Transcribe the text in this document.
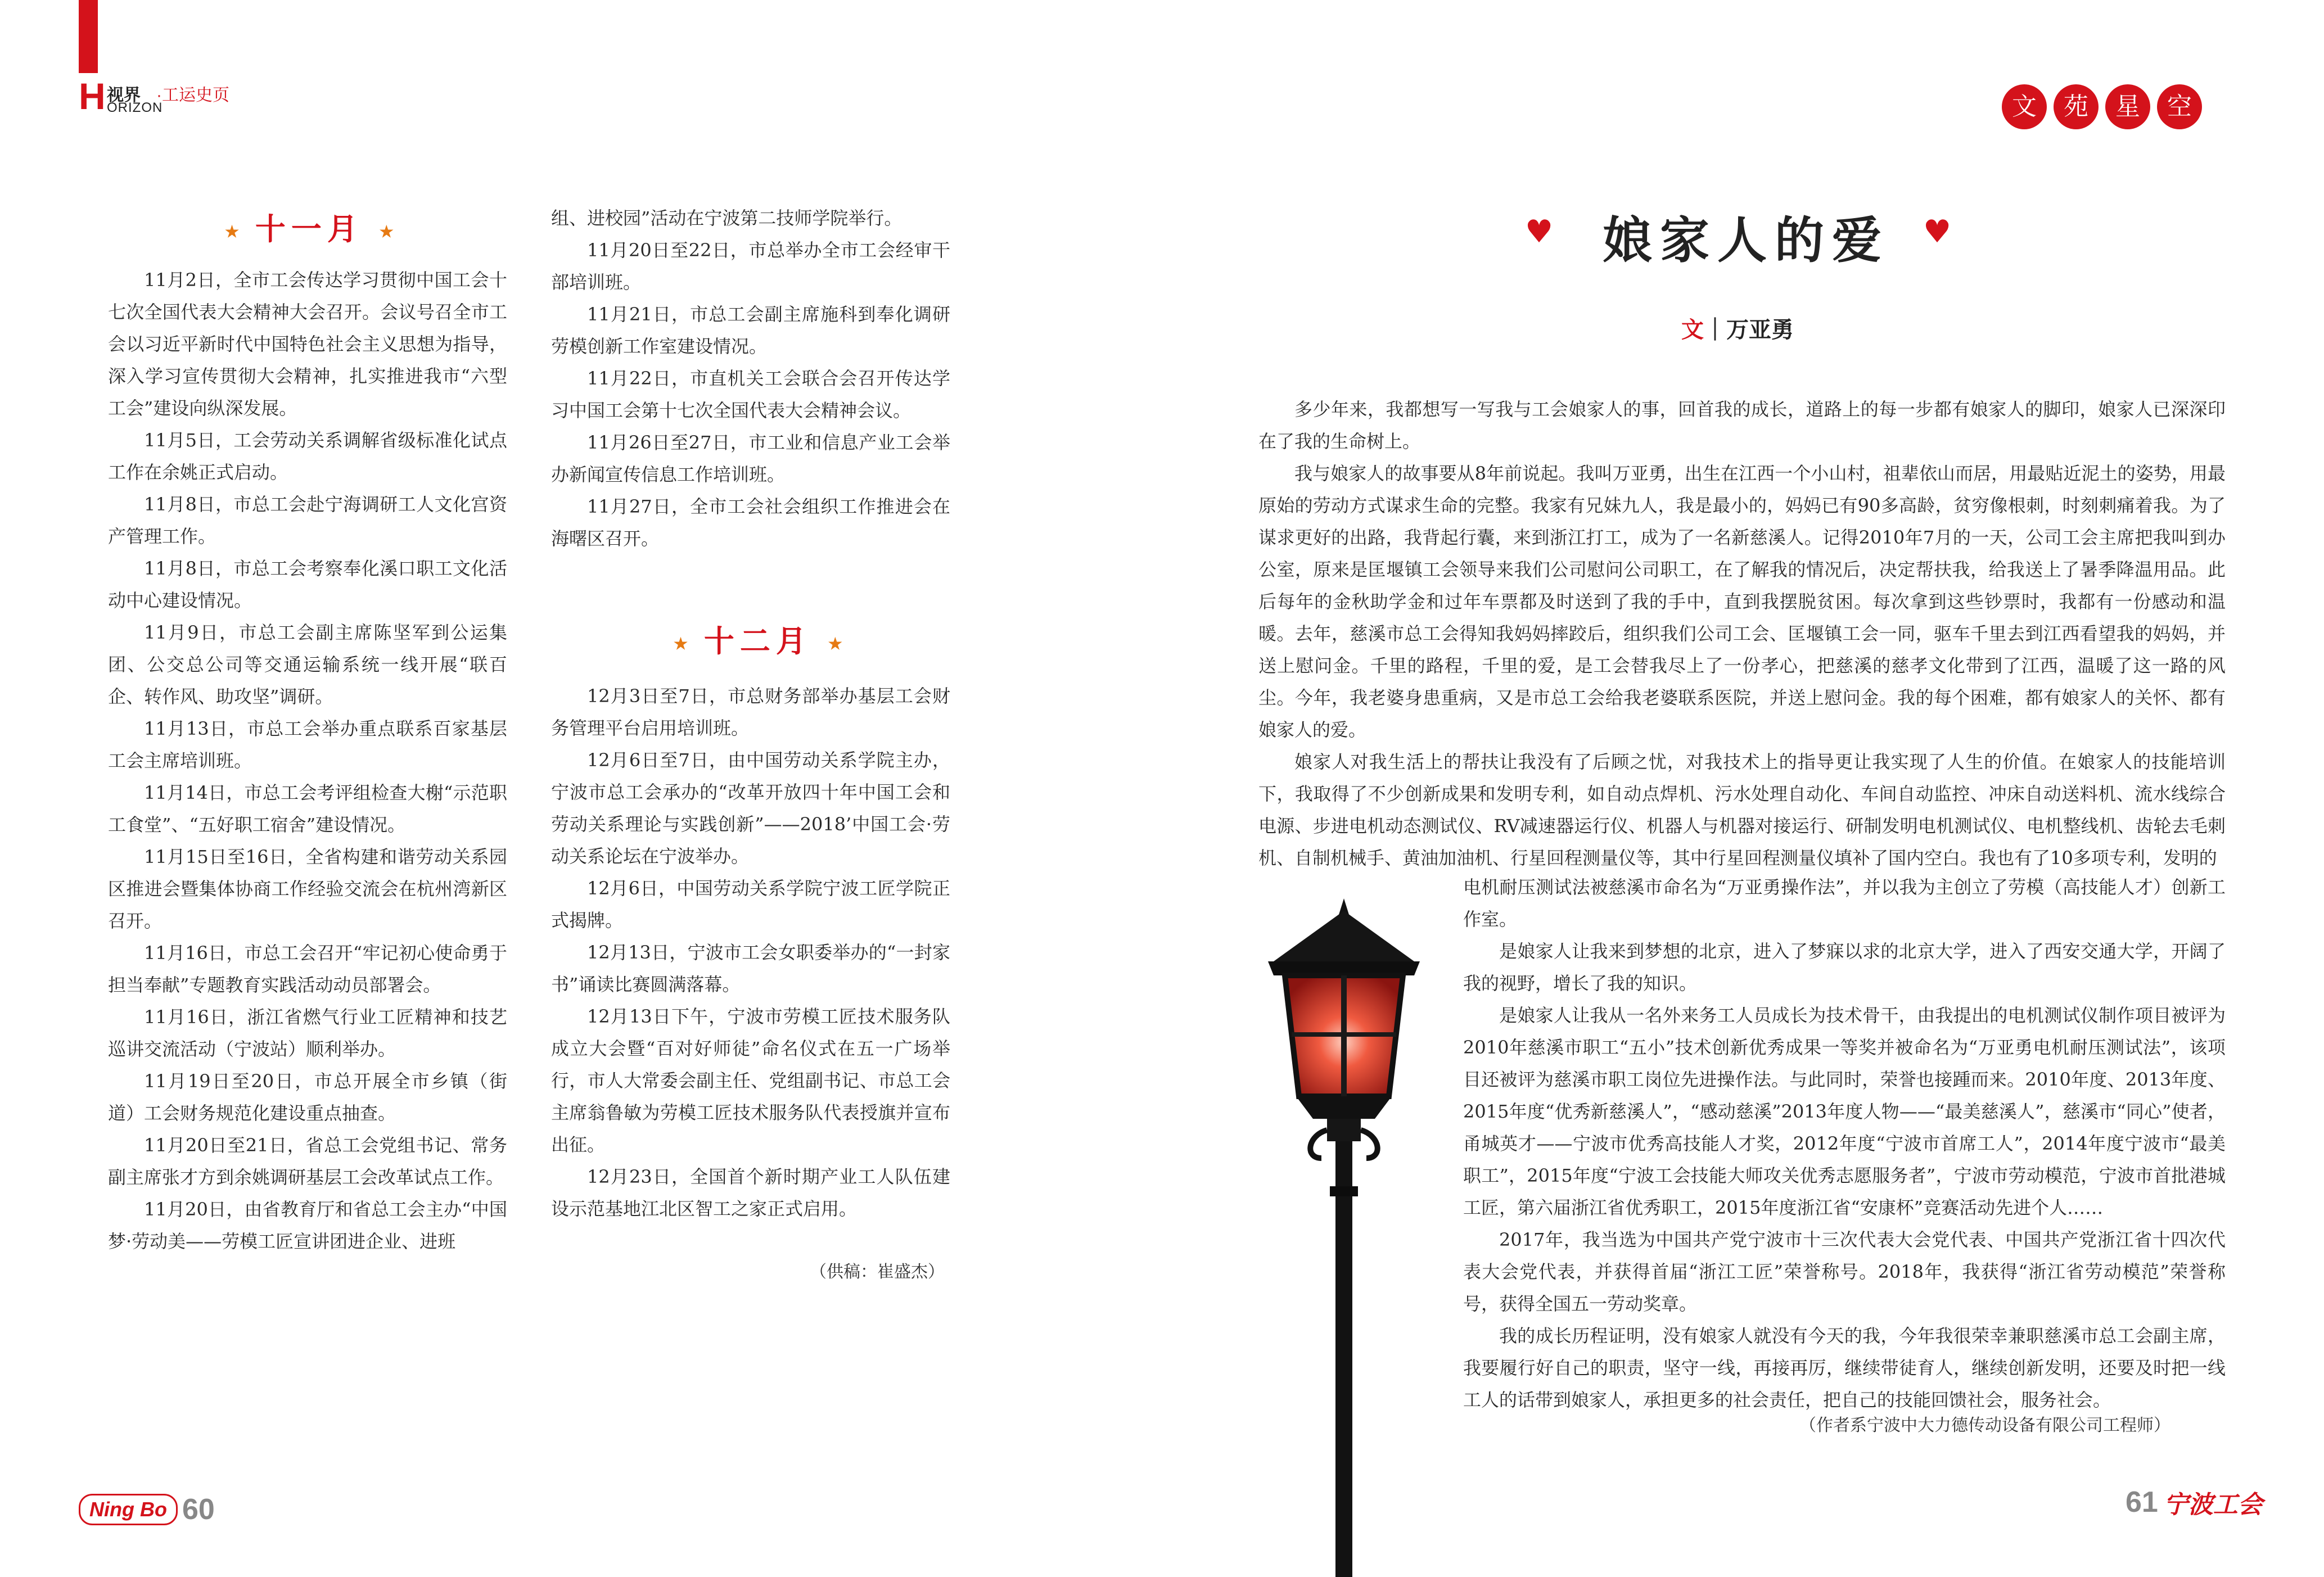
H 视界 ·工运史页
ORIZON
★ 十一月 ★

11月2日，全市工会传达学习贯彻中国工会十七次全国代表大会精神大会召开。会议号召全市工会以习近平新时代中国特色社会主义思想为指导，深入学习宣传贯彻大会精神，扎实推进我市“六型工会”建设向纵深发展。

11月5日，工会劳动关系调解省级标准化试点工作在余姚正式启动。

11月8日，市总工会赴宁海调研工人文化宫资产管理工作。

11月8日，市总工会考察奉化溪口职工文化活动中心建设情况。

11月9日，市总工会副主席陈坚军到公运集团、公交总公司等交通运输系统一线开展“联百企、转作风、助攻坚”调研。

11月13日，市总工会举办重点联系百家基层工会主席培训班。

11月14日，市总工会考评组检查大榭“示范职工食堂”、“五好职工宿舍”建设情况。

11月15日至16日，全省构建和谐劳动关系园区推进会暨集体协商工作经验交流会在杭州湾新区召开。

11月16日，市总工会召开“牢记初心使命勇于担当奉献”专题教育实践活动动员部署会。

11月16日，浙江省燃气行业工匠精神和技艺巡讲交流活动（宁波站）顺利举办。

11月19日至20日，市总开展全市乡镇（街道）工会财务规范化建设重点抽查。

11月20日至21日，省总工会党组书记、常务副主席张才方到余姚调研基层工会改革试点工作。

11月20日，由省教育厅和省总工会主办“中国梦·劳动美——劳模工匠宣讲团进企业、进班

组、进校园”活动在宁波第二技师学院举行。

11月20日至22日，市总举办全市工会经审干部培训班。

11月21日，市总工会副主席施科到奉化调研劳模创新工作室建设情况。

11月22日，市直机关工会联合会召开传达学习中国工会第十七次全国代表大会精神会议。

11月26日至27日，市工业和信息产业工会举办新闻宣传信息工作培训班。

11月27日，全市工会社会组织工作推进会在海曙区召开。

★ 十二月 ★

12月3日至7日，市总财务部举办基层工会财务管理平台启用培训班。

12月6日至7日，由中国劳动关系学院主办，宁波市总工会承办的“改革开放四十年中国工会和劳动关系理论与实践创新”——2018’中国工会·劳动关系论坛在宁波举办。

12月6日，中国劳动关系学院宁波工匠学院正式揭牌。

12月13日，宁波市工会女职委举办的“一封家书”诵读比赛圆满落幕。

12月13日下午，宁波市劳模工匠技术服务队成立大会暨“百对好师徒”命名仪式在五一广场举行，市人大常委会副主任、党组副书记、市总工会主席翁鲁敏为劳模工匠技术服务队代表授旗并宣布出征。

12月23日，全国首个新时期产业工人队伍建设示范基地江北区智工之家正式启用。

（供稿：崔盛杰）
Ning Bo 60
文	苑	星	空
♥ 娘家人的爱 ♥
文｜万亚勇

多少年来，我都想写一写我与工会娘家人的事，回首我的成长，道路上的每一步都有娘家人的脚印，娘家人已深深印在了我的生命树上。

我与娘家人的故事要从8年前说起。我叫万亚勇，出生在江西一个小山村，祖辈依山而居，用最贴近泥土的姿势，用最原始的劳动方式谋求生命的完整。我家有兄妹九人，我是最小的，妈妈已有90多高龄，贫穷像根刺，时刻刺痛着我。为了谋求更好的出路，我背起行囊，来到浙江打工，成为了一名新慈溪人。记得2010年7月的一天，公司工会主席把我叫到办公室，原来是匡堰镇工会领导来我们公司慰问公司职工，在了解我的情况后，决定帮扶我，给我送上了暑季降温用品。此后每年的金秋助学金和过年车票都及时送到了我的手中，直到我摆脱贫困。每次拿到这些钞票时，我都有一份感动和温暖。去年，慈溪市总工会得知我妈妈摔跤后，组织我们公司工会、匡堰镇工会一同，驱车千里去到江西看望我的妈妈，并送上慰问金。千里的路程，千里的爱，是工会替我尽上了一份孝心，把慈溪的慈孝文化带到了江西，温暖了这一路的风尘。今年，我老婆身患重病，又是市总工会给我老婆联系医院，并送上慰问金。我的每个困难，都有娘家人的关怀、都有娘家人的爱。

娘家人对我生活上的帮扶让我没有了后顾之忧，对我技术上的指导更让我实现了人生的价值。在娘家人的技能培训下，我取得了不少创新成果和发明专利，如自动点焊机、污水处理自动化、车间自动监控、冲床自动送料机、流水线综合电源、步进电机动态测试仪、RV减速器运行仪、机器人与机器对接运行、研制发明电机测试仪、电机整线机、齿轮去毛刺机、自制机械手、黄油加油机、行星回程测量仪等，其中行星回程测量仪填补了国内空白。我也有了10多项专利，发明的

电机耐压测试法被慈溪市命名为“万亚勇操作法”，并以我为主创立了劳模（高技能人才）创新工作室。

是娘家人让我来到梦想的北京，进入了梦寐以求的北京大学，进入了西安交通大学，开阔了我的视野，增长了我的知识。

是娘家人让我从一名外来务工人员成长为技术骨干，由我提出的电机测试仪制作项目被评为2010年慈溪市职工“五小”技术创新优秀成果一等奖并被命名为“万亚勇电机耐压测试法”，该项目还被评为慈溪市职工岗位先进操作法。与此同时，荣誉也接踵而来。2010年度、2013年度、2015年度“优秀新慈溪人”，“感动慈溪”2013年度人物——“最美慈溪人”，慈溪市“同心”使者，甬城英才——宁波市优秀高技能人才奖，2012年度“宁波市首席工人”，2014年度宁波市“最美职工”，2015年度“宁波工会技能大师攻关优秀志愿服务者”，宁波市劳动模范，宁波市首批港城工匠，第六届浙江省优秀职工，2015年度浙江省“安康杯”竞赛活动先进个人……

2017年，我当选为中国共产党宁波市十三次代表大会党代表、中国共产党浙江省十四次代表大会党代表，并获得首届“浙江工匠”荣誉称号。2018年，我获得“浙江省劳动模范”荣誉称号，获得全国五一劳动奖章。

我的成长历程证明，没有娘家人就没有今天的我，今年我很荣幸兼职慈溪市总工会副主席，我要履行好自己的职责，坚守一线，再接再厉，继续带徒育人，继续创新发明，还要及时把一线工人的话带到娘家人，承担更多的社会责任，把自己的技能回馈社会，服务社会。

（作者系宁波中大力德传动设备有限公司工程师）
61 宁波工会
